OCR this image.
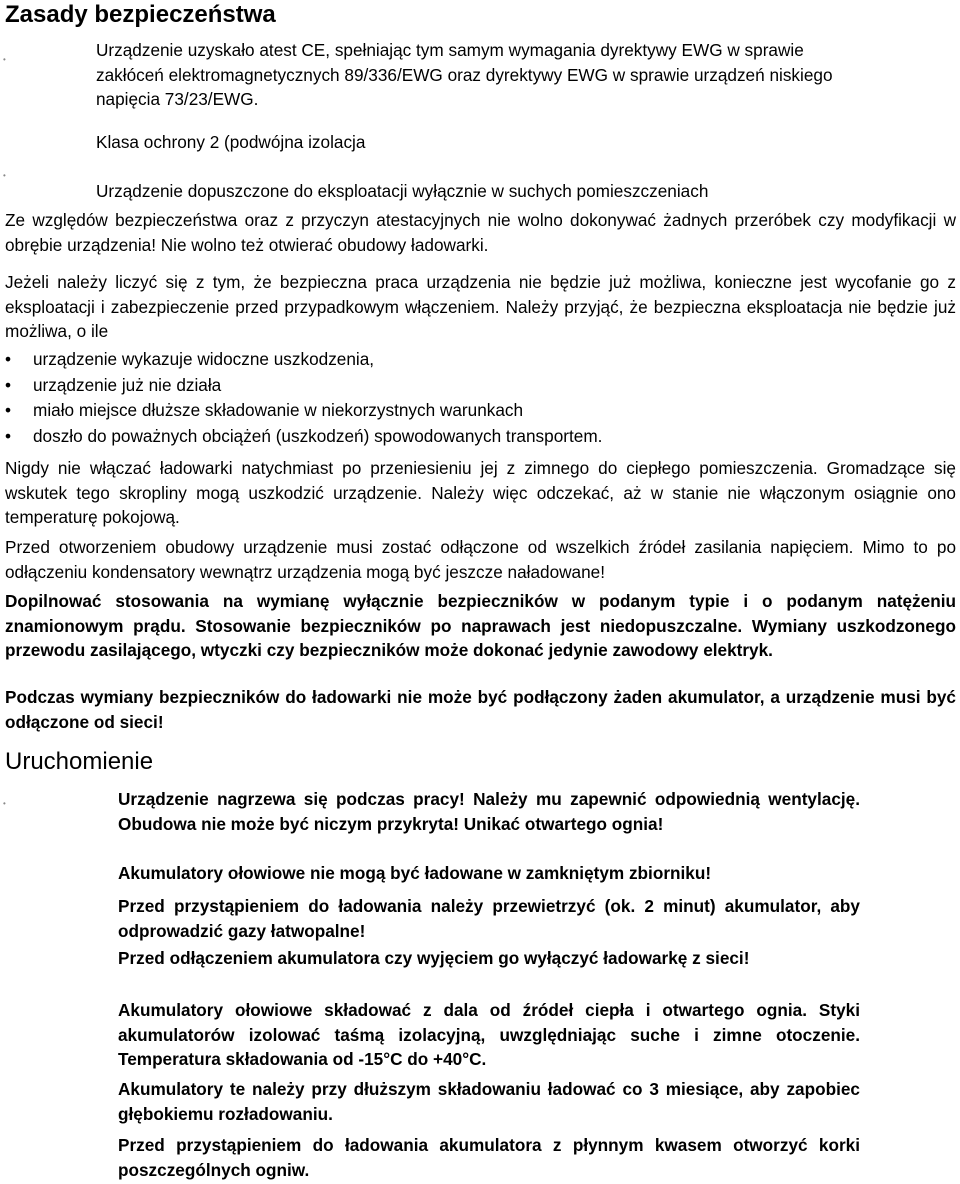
Zasady bezpieczeństwa
•
•
•
Urządzenie uzyskało atest CE, spełniając tym samym wymagania dyrektywy EWG w sprawie zakłóceń elektromagnetycznych 89/336/EWG oraz dyrektywy EWG w sprawie urządzeń niskiego napięcia 73/23/EWG.
Klasa ochrony 2 (podwójna izolacja
Urządzenie dopuszczone do eksploatacji wyłącznie w suchych pomieszczeniach
Ze względów bezpieczeństwa oraz z przyczyn atestacyjnych nie wolno dokonywać żadnych przeróbek czy modyfikacji w obrębie urządzenia! Nie wolno też otwierać obudowy ładowarki.
Jeżeli należy liczyć się z tym, że bezpieczna praca urządzenia nie będzie już możliwa, konieczne jest wycofanie go z eksploatacji i zabezpieczenie przed przypadkowym włączeniem. Należy przyjąć, że bezpieczna eksploatacja nie będzie już możliwa, o ile
• urządzenie wykazuje widoczne uszkodzenia,
• urządzenie już nie działa
• miało miejsce dłuższe składowanie w niekorzystnych warunkach
• doszło do poważnych obciążeń (uszkodzeń) spowodowanych transportem.
Nigdy nie włączać ładowarki natychmiast po przeniesieniu jej z zimnego do ciepłego pomieszczenia. Gromadzące się wskutek tego skropliny mogą uszkodzić urządzenie. Należy więc odczekać, aż w stanie nie włączonym osiągnie ono temperaturę pokojową.
Przed otworzeniem obudowy urządzenie musi zostać odłączone od wszelkich źródeł zasilania napięciem. Mimo to po odłączeniu kondensatory wewnątrz urządzenia mogą być jeszcze naładowane!
Dopilnować stosowania na wymianę wyłącznie bezpieczników w podanym typie i o podanym natężeniu znamionowym prądu. Stosowanie bezpieczników po naprawach jest niedopuszczalne. Wymiany uszkodzonego przewodu zasilającego, wtyczki czy bezpieczników może dokonać jedynie zawodowy elektryk.
Podczas wymiany bezpieczników do ładowarki nie może być podłączony żaden akumulator, a urządzenie musi być odłączone od sieci!
Uruchomienie
Urządzenie nagrzewa się podczas pracy! Należy mu zapewnić odpowiednią wentylację. Obudowa nie może być niczym przykryta! Unikać otwartego ognia!
Akumulatory ołowiowe nie mogą być ładowane w zamkniętym zbiorniku!
Przed przystąpieniem do ładowania należy przewietrzyć (ok. 2 minut) akumulator, aby odprowadzić gazy łatwopalne!
Przed odłączeniem akumulatora czy wyjęciem go wyłączyć ładowarkę z sieci!
Akumulatory ołowiowe składować z dala od źródeł ciepła i otwartego ognia. Styki akumulatorów izolować taśmą izolacyjną, uwzględniając suche i zimne otoczenie. Temperatura składowania od -15°C do +40°C.
Akumulatory te należy przy dłuższym składowaniu ładować co 3 miesiące, aby zapobiec głębokiemu rozładowaniu.
Przed przystąpieniem do ładowania akumulatora z płynnym kwasem otworzyć korki poszczególnych ogniw.
